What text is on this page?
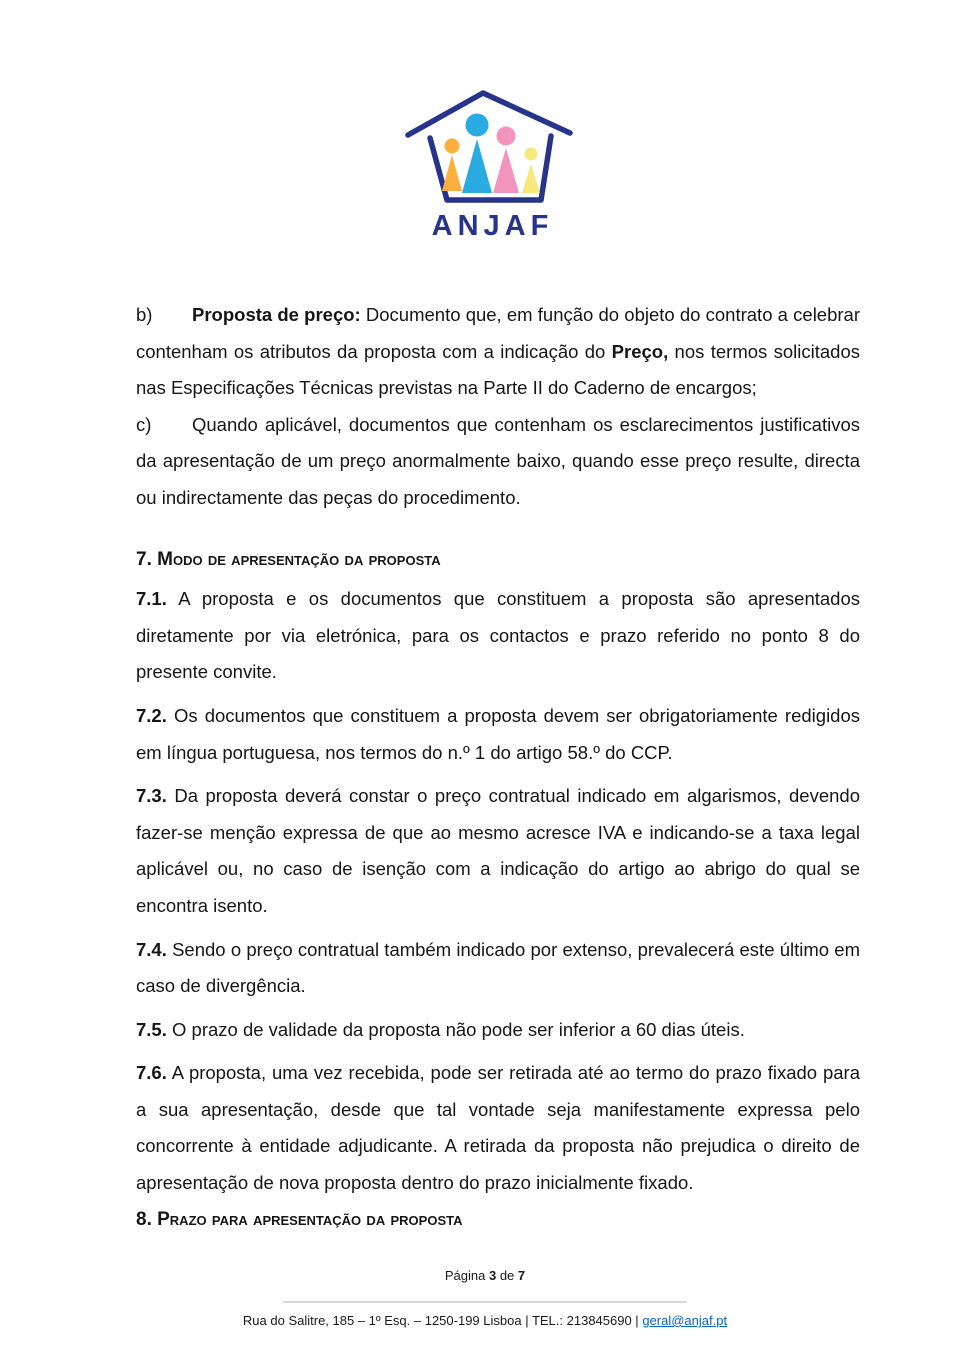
ANJAF

b) Proposta de preço: Documento que, em função do objeto do contrato a celebrar contenham os atributos da proposta com a indicação do Preço, nos termos solicitados nas Especificações Técnicas previstas na Parte II do Caderno de encargos;

c) Quando aplicável, documentos que contenham os esclarecimentos justificativos da apresentação de um preço anormalmente baixo, quando esse preço resulte, directa ou indirectamente das peças do procedimento.

7. Modo de apresentação da proposta

7.1. A proposta e os documentos que constituem a proposta são apresentados diretamente por via eletrónica, para os contactos e prazo referido no ponto 8 do presente convite.

7.2. Os documentos que constituem a proposta devem ser obrigatoriamente redigidos em língua portuguesa, nos termos do n.º 1 do artigo 58.º do CCP.

7.3. Da proposta deverá constar o preço contratual indicado em algarismos, devendo fazer-se menção expressa de que ao mesmo acresce IVA e indicando-se a taxa legal aplicável ou, no caso de isenção com a indicação do artigo ao abrigo do qual se encontra isento.

7.4. Sendo o preço contratual também indicado por extenso, prevalecerá este último em caso de divergência.

7.5. O prazo de validade da proposta não pode ser inferior a 60 dias úteis.

7.6. A proposta, uma vez recebida, pode ser retirada até ao termo do prazo fixado para a sua apresentação, desde que tal vontade seja manifestamente expressa pelo concorrente à entidade adjudicante. A retirada da proposta não prejudica o direito de apresentação de nova proposta dentro do prazo inicialmente fixado.

8. Prazo para apresentação da proposta
Página 3 de 7
Rua do Salitre, 185 – 1º Esq. – 1250-199 Lisboa | TEL.: 213845690 | geral@anjaf.pt
